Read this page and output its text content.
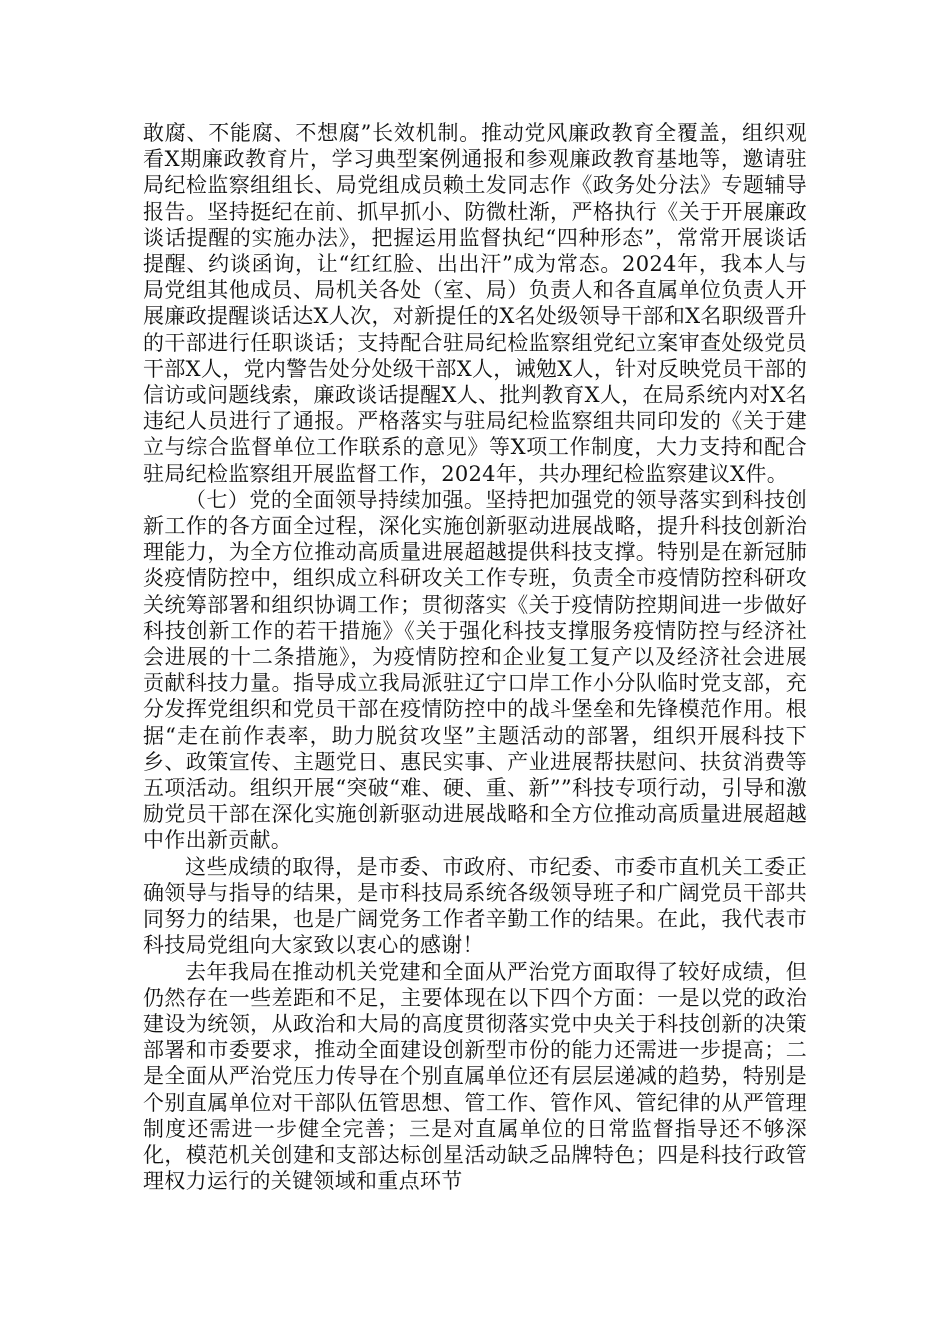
敢腐、不能腐、不想腐”长效机制。推动党风廉政教育全覆盖，组织观看X期廉政教育片，学习典型案例通报和参观廉政教育基地等，邀请驻局纪检监察组组长、局党组成员赖土发同志作《政务处分法》专题辅导报告。坚持挺纪在前、抓早抓小、防微杜渐，严格执行《关于开展廉政谈话提醒的实施办法》，把握运用监督执纪“四种形态”，常常开展谈话提醒、约谈函询，让“红红脸、出出汗”成为常态。2024年，我本人与局党组其他成员、局机关各处（室、局）负责人和各直属单位负责人开展廉政提醒谈话达X人次，对新提任的X名处级领导干部和X名职级晋升的干部进行任职谈话；支持配合驻局纪检监察组党纪立案审查处级党员干部X人，党内警告处分处级干部X人，诫勉X人，针对反映党员干部的信访或问题线索，廉政谈话提醒X人、批判教育X人，在局系统内对X名违纪人员进行了通报。严格落实与驻局纪检监察组共同印发的《关于建立与综合监督单位工作联系的意见》等X项工作制度，大力支持和配合驻局纪检监察组开展监督工作，2024年，共办理纪检监察建议X件。

（七）党的全面领导持续加强。坚持把加强党的领导落实到科技创新工作的各方面全过程，深化实施创新驱动进展战略，提升科技创新治理能力，为全方位推动高质量进展超越提供科技支撑。特别是在新冠肺炎疫情防控中，组织成立科研攻关工作专班，负责全市疫情防控科研攻关统筹部署和组织协调工作；贯彻落实《关于疫情防控期间进一步做好科技创新工作的若干措施》《关于强化科技支撑服务疫情防控与经济社会进展的十二条措施》，为疫情防控和企业复工复产以及经济社会进展贡献科技力量。指导成立我局派驻辽宁口岸工作小分队临时党支部，充分发挥党组织和党员干部在疫情防控中的战斗堡垒和先锋模范作用。根据“走在前作表率，助力脱贫攻坚”主题活动的部署，组织开展科技下乡、政策宣传、主题党日、惠民实事、产业进展帮扶慰问、扶贫消费等五项活动。组织开展“突破“难、硬、重、新””科技专项行动，引导和激励党员干部在深化实施创新驱动进展战略和全方位推动高质量进展超越中作出新贡献。

这些成绩的取得，是市委、市政府、市纪委、市委市直机关工委正确领导与指导的结果，是市科技局系统各级领导班子和广阔党员干部共同努力的结果，也是广阔党务工作者辛勤工作的结果。在此，我代表市科技局党组向大家致以衷心的感谢！

去年我局在推动机关党建和全面从严治党方面取得了较好成绩，但仍然存在一些差距和不足，主要体现在以下四个方面：一是以党的政治建设为统领，从政治和大局的高度贯彻落实党中央关于科技创新的决策部署和市委要求，推动全面建设创新型市份的能力还需进一步提高；二是全面从严治党压力传导在个别直属单位还有层层递减的趋势，特别是个别直属单位对干部队伍管思想、管工作、管作风、管纪律的从严管理制度还需进一步健全完善；三是对直属单位的日常监督指导还不够深化，模范机关创建和支部达标创星活动缺乏品牌特色；四是科技行政管理权力运行的关键领域和重点环节
